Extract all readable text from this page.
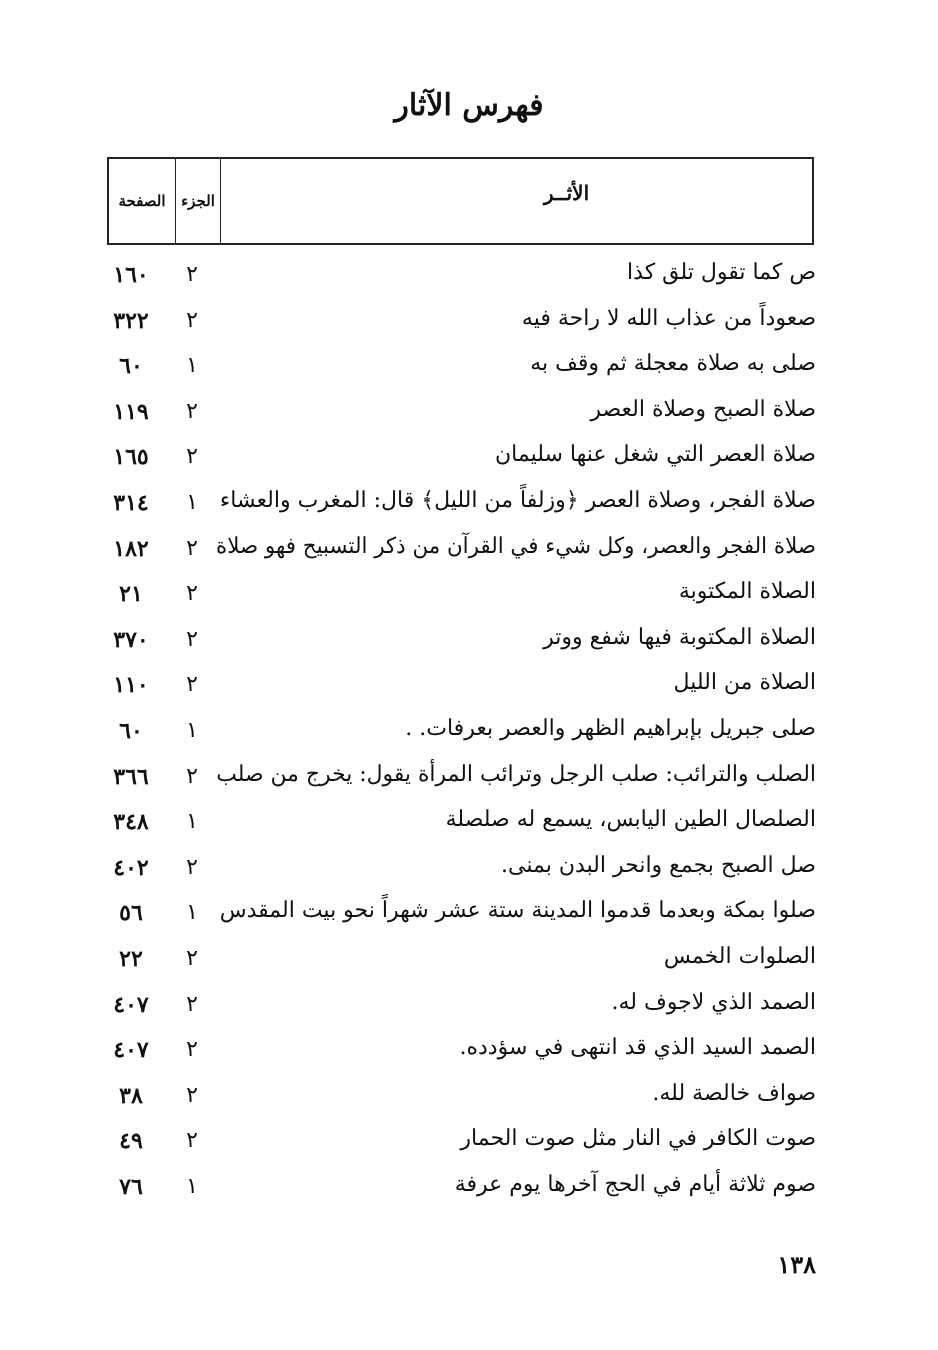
فهرس الآثار
الصفحة	الجزء	الأثــر
ص كما تقول تلق كذا
٢
١٦٠
صعوداً من عذاب الله لا راحة فيه
٢
٣٢٢
صلى به صلاة معجلة ثم وقف به
١
٦٠
صلاة الصبح وصلاة العصر
٢
١١٩
صلاة العصر التي شغل عنها سليمان
٢
١٦٥
صلاة الفجر، وصلاة العصر ﴿وزلفاً من الليل﴾ قال: المغرب والعشاء
١
٣١٤
صلاة الفجر والعصر، وكل شيء في القرآن من ذكر التسبيح فهو صلاة
٢
١٨٢
الصلاة المكتوبة
٢
٢١
الصلاة المكتوبة فيها شفع ووتر
٢
٣٧٠
الصلاة من الليل
٢
١١٠
صلى جبريل بإبراهيم الظهر والعصر بعرفات. .
١
٦٠
الصلب والترائب: صلب الرجل وترائب المرأة يقول: يخرج من صلب
٢
٣٦٦
الصلصال الطين اليابس، يسمع له صلصلة
١
٣٤٨
صل الصبح بجمع وانحر البدن بمنى.
٢
٤٠٢
صلوا بمكة وبعدما قدموا المدينة ستة عشر شهراً نحو بيت المقدس
١
٥٦
الصلوات الخمس
٢
٢٢
الصمد الذي لاجوف له.
٢
٤٠٧
الصمد السيد الذي قد انتهى في سؤدده.
٢
٤٠٧
صواف خالصة لله.
٢
٣٨
صوت الكافر في النار مثل صوت الحمار
٢
٤٩
صوم ثلاثة أيام في الحج آخرها يوم عرفة
١
٧٦
١٣٨
